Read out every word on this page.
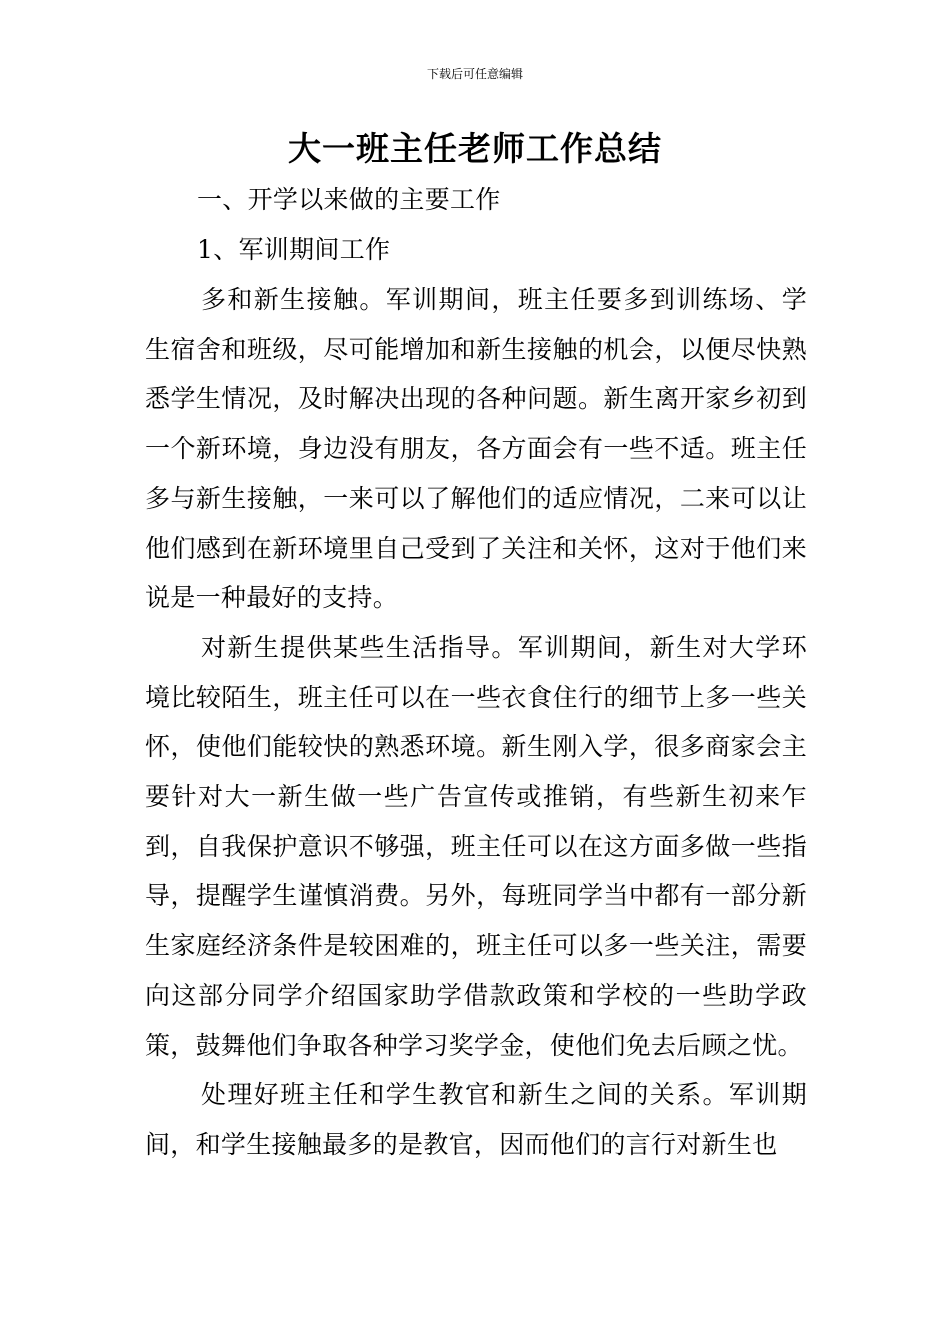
下载后可任意编辑
大一班主任老师工作总结

一、开学以来做的主要工作

1、军训期间工作

多和新生接触。军训期间，班主任要多到训练场、学生宿舍和班级，尽可能增加和新生接触的机会，以便尽快熟悉学生情况，及时解决出现的各种问题。新生离开家乡初到一个新环境，身边没有朋友，各方面会有一些不适。班主任多与新生接触，一来可以了解他们的适应情况，二来可以让他们感到在新环境里自己受到了关注和关怀，这对于他们来说是一种最好的支持。

对新生提供某些生活指导。军训期间，新生对大学环境比较陌生，班主任可以在一些衣食住行的细节上多一些关怀，使他们能较快的熟悉环境。新生刚入学，很多商家会主要针对大一新生做一些广告宣传或推销，有些新生初来乍到，自我保护意识不够强，班主任可以在这方面多做一些指导，提醒学生谨慎消费。另外，每班同学当中都有一部分新生家庭经济条件是较困难的，班主任可以多一些关注，需要向这部分同学介绍国家助学借款政策和学校的一些助学政策，鼓舞他们争取各种学习奖学金，使他们免去后顾之忧。

处理好班主任和学生教官和新生之间的关系。军训期间，和学生接触最多的是教官，因而他们的言行对新生也
